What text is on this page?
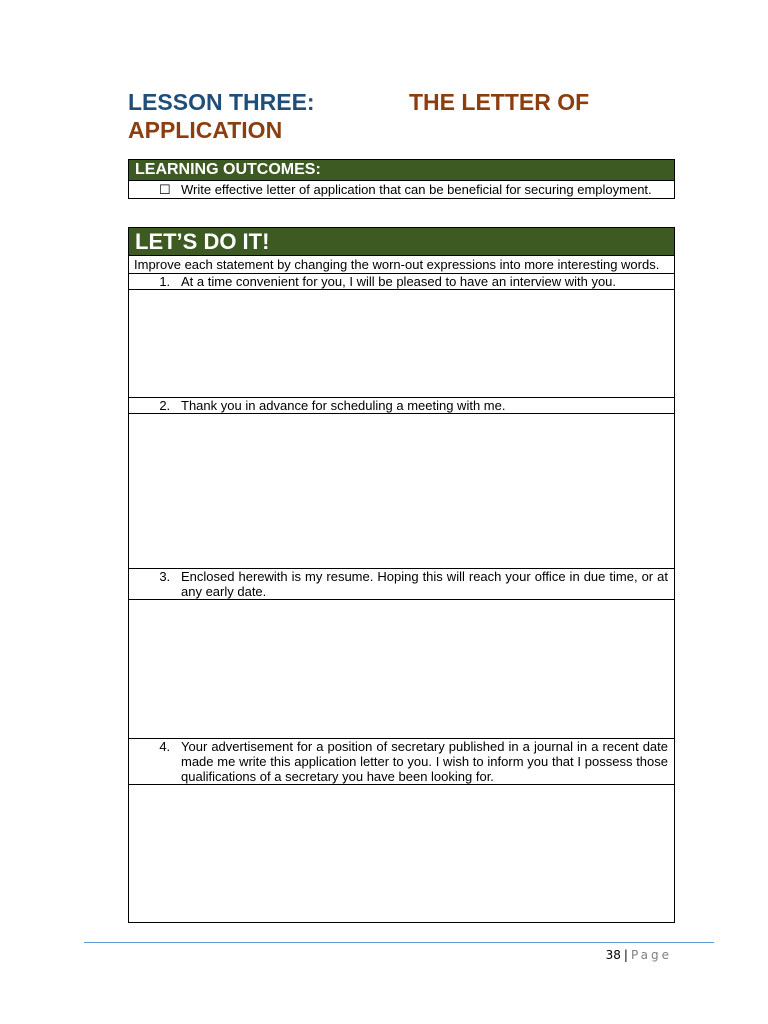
LESSON THREE:	THE LETTER OF
APPLICATION
LEARNING OUTCOMES:
☐ Write effective letter of application that can be beneficial for securing employment.
LET’S DO IT!
Improve each statement by changing the worn-out expressions into more interesting words.
1. At a time convenient for you, I will be pleased to have an interview with you.
2. Thank you in advance for scheduling a meeting with me.
3. Enclosed herewith is my resume. Hoping this will reach your office in due time, or at any early date.
4. Your advertisement for a position of secretary published in a journal in a recent date made me write this application letter to you. I wish to inform you that I possess those qualifications of a secretary you have been looking for.
38 | Page
